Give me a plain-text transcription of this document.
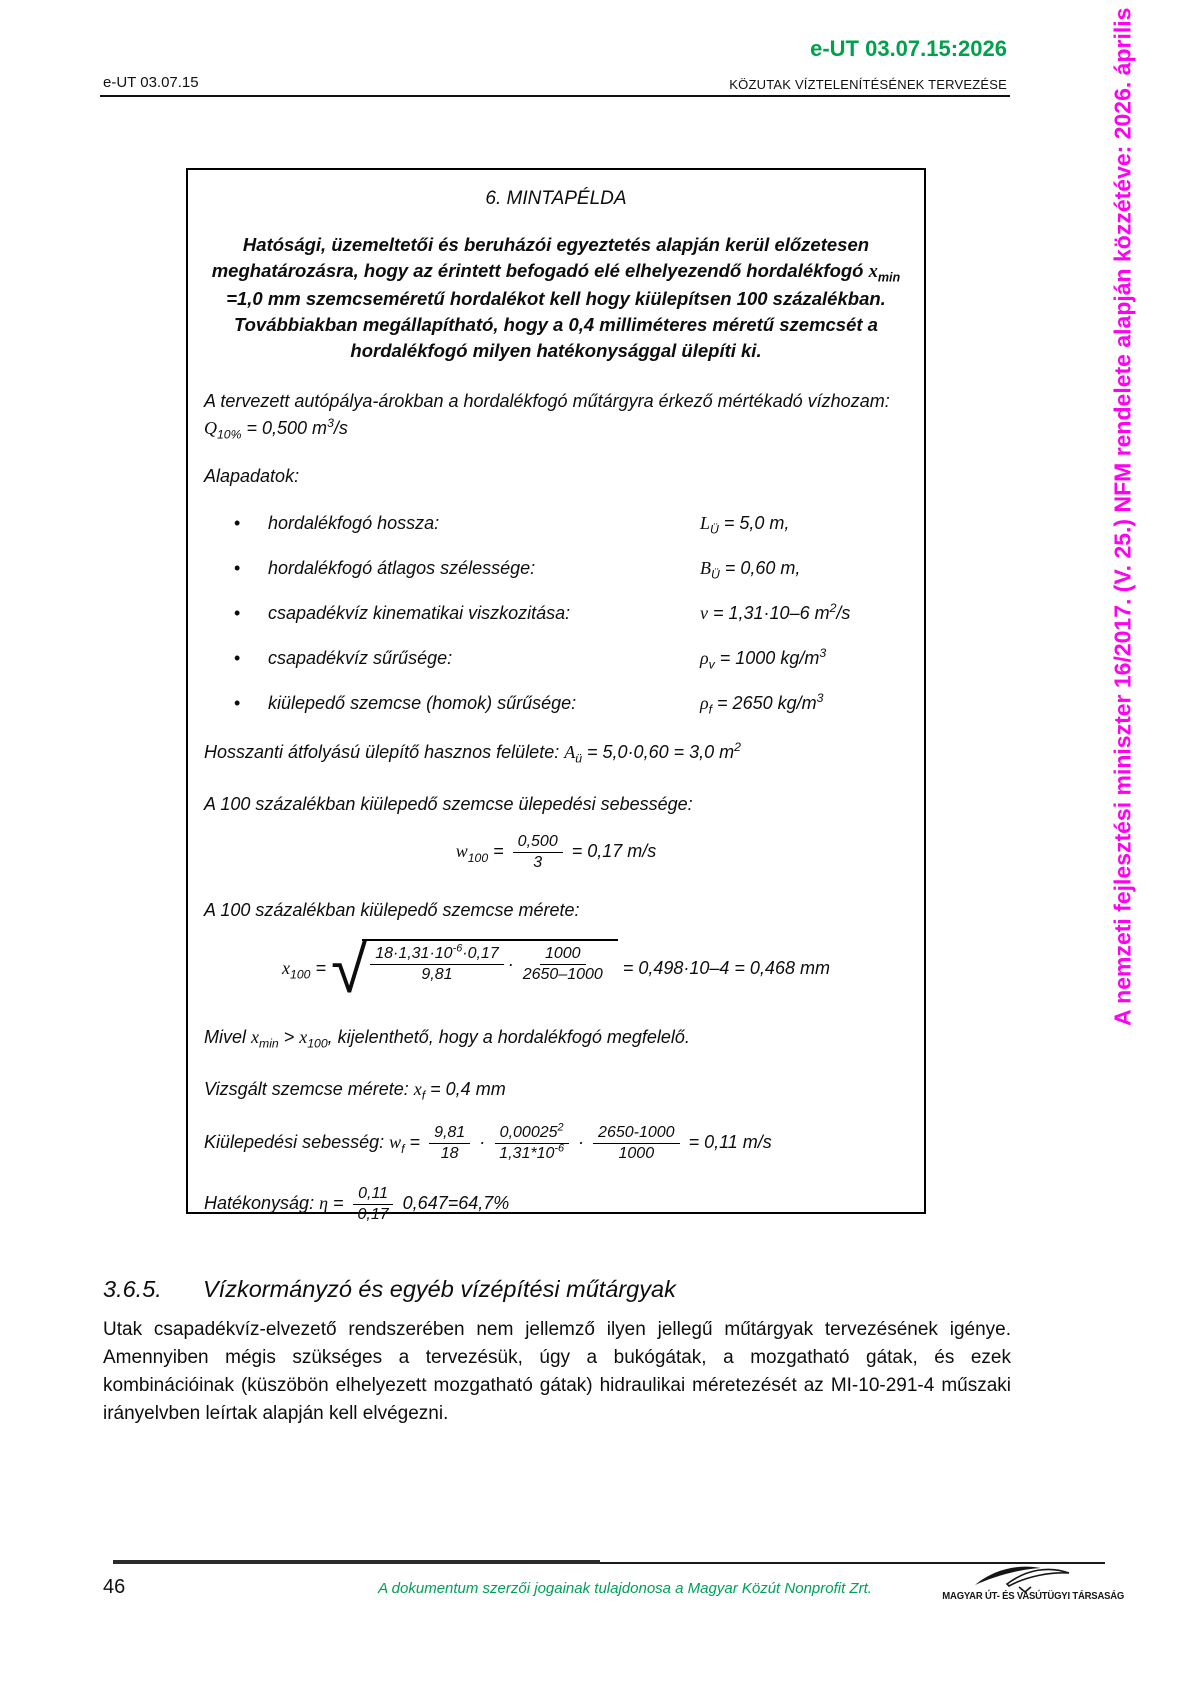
e-UT 03.07.15:2026
e-UT 03.07.15	KÖZUTAK VÍZTELENÍTÉSÉNEK TERVEZÉSE	A nemzeti fejlesztési miniszter 16/2017. (V. 25.) NFM rendelete alapján közzétéve: 2026. április
6. MINTAPÉLDA
Hatósági, üzemeltetői és beruházói egyeztetés alapján kerül előzetesen meghatározásra, hogy az érintett befogadó elé elhelyezendő hordalékfogó $x_{min} =1,0$ mm szemcseméretű hordalékot kell hogy kiülepítsen 100 százalékban. Továbbiakban megállapítható, hogy a 0,4 milliméteres méretű szemcsét a hordalékfogó milyen hatékonysággal ülepíti ki.
A tervezett autópálya-árokban a hordalékfogó műtárgyra érkező mértékadó vízhozam: $Q_{10\%} = 0,500$ $m^3/s$
Alapadatok:
•
hordalékfogó hossza:	$L_Ü = 5,0$ m,
•
hordalékfogó átlagos szélessége:	$B_Ü = 0,60$ m,
•
csapadékvíz kinematikai viszkozitása:	ν = 1,31·10–6 $m^2/s$
•
csapadékvíz sűrűsége:	$\rho_v = 1000$ $kg/m^3$
•
kiülepedő szemcse (homok) sűrűsége:	$\rho_f = 2650$ $kg/m^3$
Hosszanti átfolyású ülepítő hasznos felülete: $A_ü = 5,0\cdot 0,60 = 3,0$ $m^2$
A 100 százalékban kiülepedő szemcse ülepedési sebessége:
$w_{100} = \frac{0,500}{3} = 0,17$ m/s
A 100 százalékban kiülepedő szemcse mérete:
$x_{100}$ = √ $\frac{18\cdot 1,31\cdot 10^{-6}\cdot 0,17}{9,81} \cdot \frac{1000}{2650-1000} = 0,498\cdot 10-4 = 0,468$ mm
Mivel $x_{min} > x_{100}$, kijelenthető, hogy a hordalékfogó megfelelő.
Vizsgált szemcse mérete: $x_f = 0,4$ mm
Kiülepedési sebesség: $w_f = \frac{9,81}{18} \cdot \frac{0,00025^2}{1,31*10^{-6}} \cdot \frac{2650-1000}{1000} = 0,11$ m/s
Hatékonyság: $\eta = \frac{0,11}{0,17} 0,647=64,7\%$
3.6.5.	Vízkormányzó és egyéb vízépítési műtárgyak
Utak csapadékvíz-elvezető rendszerében nem jellemző ilyen jellegű műtárgyak tervezésének igénye. Amennyiben mégis szükséges a tervezésük, úgy a bukógátak, a mozgatható gátak, és ezek kombinációinak (küszöbön elhelyezett mozgatható gátak) hidraulikai méretezését az MI-10-291-4 műszaki irányelvben leírtak alapján kell elvégezni.
46	A dokumentum szerzői jogainak tulajdonosa a Magyar Közút Nonprofit Zrt.	MAGYAR ÚT- ÉS VASÚTÜGYI TÁRSASÁG
